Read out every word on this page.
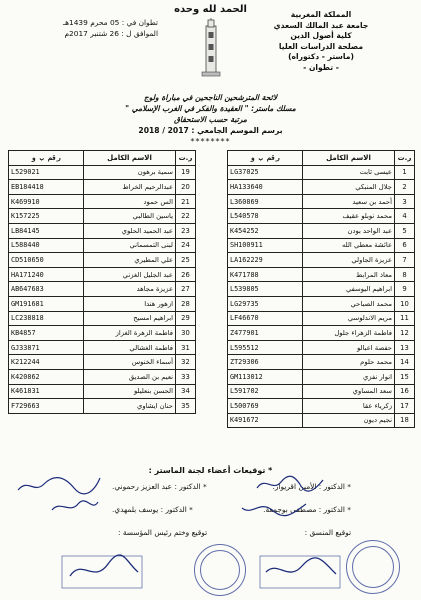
الحمد لله وحده	المملكة المغربية
جامعة عبد المالك السعدي
كلية أصول الدين
مصلحة الدراسات العليا
(ماستر - دكتوراه)
- تطوان -
تطوان في : 05 محرم 1439هـ
الموافق ل : 26 شتنبر 2017م
لائحة المترشحين الناجحين في مباراة ولوج
مسلك ماستر: " العقيدة والفكر في الغرب الإسلامي "
مرتبة حسب الاستحقاق
برسم الموسم الجامعي : 2017 / 2018
********
ر.ت	الاسم الكامل	رقم ب و
1	عيسى ثابت	LG37025
2	جلال المنبكي	HA133640
3	أحمد بن سعيد	L360869
4	محمد نوبلو عقيف	L540578
5	عبد الواحد بودن	K454252
6	عائشة معطي الله	SH100911
7	عزيزة الجاولي	LA162229
8	معاذ المرابط	K471788
9	ابراهيم اليوسفي	L539805
10	محمد الصباحي	LG29735
11	مريم الاندلوسي	LF46670
12	فاطمة الزهراء جلول	Z477901
13	حفصة اعبالو	L595512
14	محمد حلوم	ZT29306
15	انوار نفزي	GM113012
16	سعد المساوي	L591702
17	زكرياء عقا	L500769
18	نجيم ديون	K491672
ر.ت	الاسم الكامل	رقم ب و
19	سمية برهون	L529021
20	عبدالرحيم الخراط	EB184418
21	الس حمود	K469910
22	ياسين الطالبي	K157225
23	عبد الحميد الحلوي	LB84145
24	لبنى التمسماني	L588440
25	علي المطيري	CD510650
26	عبد الجليل الغزني	HA171240
27	عزيزة مجاهد	AB647683
28	ازهور هندا	GM191681
29	ابراهيم امسيح	LC238818
30	فاطمة الزهرة الغزاز	KB4857
31	فاطمة الغشالي	GJ33871
32	أسماء الخنوس	K212244
33	نعيم بن الصديق	K420862
34	الحسن بنعليلو	K461831
35	حنان ايشاوي	F729663
* توقيعات أعضاء لجنة الماستر :
* الدكتور : الأمين اقريوار.
* الدكتور : عبد العزيز رحموني.
* الدكتور : مصطفى بوجمعة.
* الدكتور : يوسف بلمهدي.
توقيع المنسق :
توقيع وختم رئيس المؤسسة :
